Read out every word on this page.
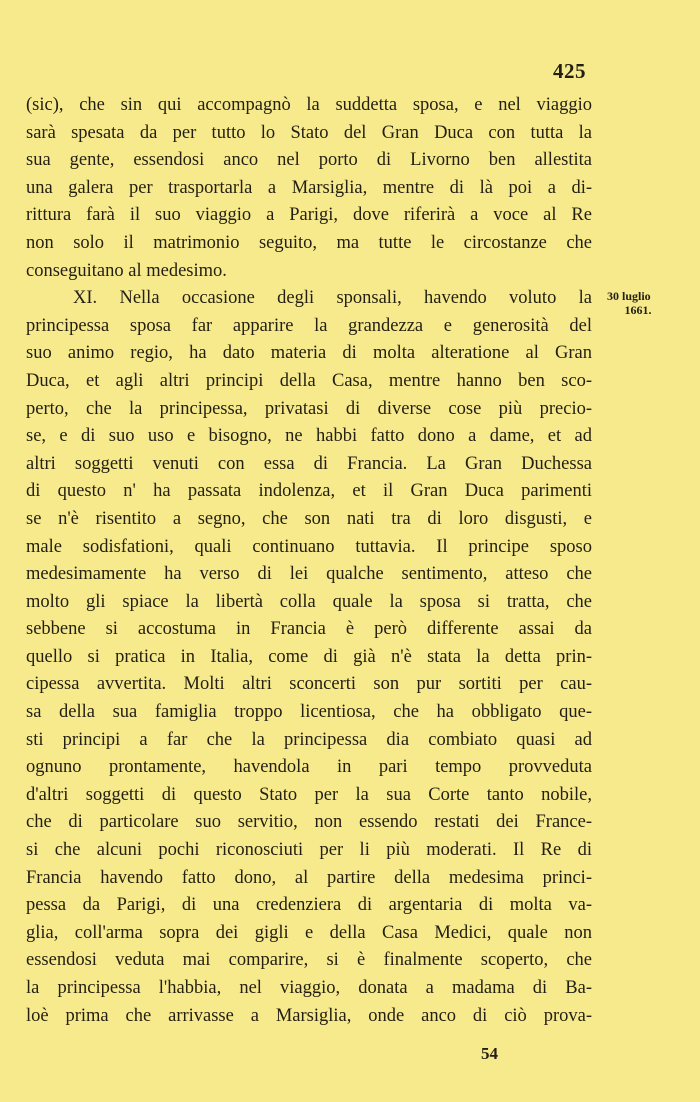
425
30 luglio
1661.
(sic), che sin qui accompagnò la suddetta sposa, e nel viaggio
sarà spesata da per tutto lo Stato del Gran Duca con tutta la
sua gente, essendosi anco nel porto di Livorno ben allestita
una galera per trasportarla a Marsiglia, mentre di là poi a di-
rittura farà il suo viaggio a Parigi, dove riferirà a voce al Re
non solo il matrimonio seguito, ma tutte le circostanze che
conseguitano al medesimo.
XI. Nella occasione degli sponsali, havendo voluto la
principessa sposa far apparire la grandezza e generosità del
suo animo regio, ha dato materia di molta alteratione al Gran
Duca, et agli altri principi della Casa, mentre hanno ben sco-
perto, che la principessa, privatasi di diverse cose più precio-
se, e di suo uso e bisogno, ne habbi fatto dono a dame, et ad
altri soggetti venuti con essa di Francia. La Gran Duchessa
di questo n' ha passata indolenza, et il Gran Duca parimenti
se n'è risentito a segno, che son nati tra di loro disgusti, e
male sodisfationi, quali continuano tuttavia. Il principe sposo
medesimamente ha verso di lei qualche sentimento, atteso che
molto gli spiace la libertà colla quale la sposa si tratta, che
sebbene si accostuma in Francia è però differente assai da
quello si pratica in Italia, come di già n'è stata la detta prin-
cipessa avvertita. Molti altri sconcerti son pur sortiti per cau-
sa della sua famiglia troppo licentiosa, che ha obbligato que-
sti principi a far che la principessa dia combiato quasi ad
ognuno prontamente, havendola in pari tempo provveduta
d'altri soggetti di questo Stato per la sua Corte tanto nobile,
che di particolare suo servitio, non essendo restati dei France-
si che alcuni pochi riconosciuti per li più moderati. Il Re di
Francia havendo fatto dono, al partire della medesima princi-
pessa da Parigi, di una credenziera di argentaria di molta va-
glia, coll'arma sopra dei gigli e della Casa Medici, quale non
essendosi veduta mai comparire, si è finalmente scoperto, che
la principessa l'habbia, nel viaggio, donata a madama di Ba-
loè prima che arrivasse a Marsiglia, onde anco di ciò prova-
54
